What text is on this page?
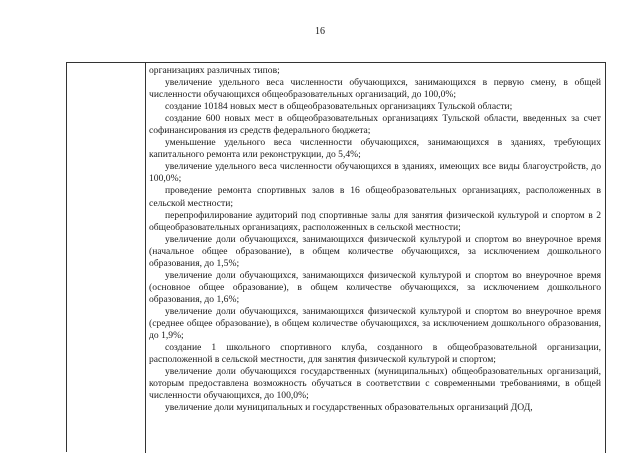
16

организациях различных типов;

увеличение удельного веса численности обучающихся, занимающихся в первую смену, в общей численности обучающихся общеобразовательных организаций, до 100,0%;

создание 10184 новых мест в общеобразовательных организациях Тульской области;

создание 600 новых мест в общеобразовательных организациях Тульской области, введенных за счет софинансирования из средств федерального бюджета;

уменьшение удельного веса численности обучающихся, занимающихся в зданиях, требующих капитального ремонта или реконструкции, до 5,4%;

увеличение удельного веса численности обучающихся в зданиях, имеющих все виды благоустройств, до 100,0%;

проведение ремонта спортивных залов в 16 общеобразовательных организациях, расположенных в сельской местности;

перепрофилирование аудиторий под спортивные залы для занятия физической культурой и спортом в 2 общеобразовательных организациях, расположенных в сельской местности;

увеличение доли обучающихся, занимающихся физической культурой и спортом во внеурочное время (начальное общее образование), в общем количестве обучающихся, за исключением дошкольного образования, до 1,5%;

увеличение доли обучающихся, занимающихся физической культурой и спортом во внеурочное время (основное общее образование), в общем количестве обучающихся, за исключением дошкольного образования, до 1,6%;

увеличение доли обучающихся, занимающихся физической культурой и спортом во внеурочное время (среднее общее образование), в общем количестве обучающихся, за исключением дошкольного образования, до 1,9%;

создание 1 школьного спортивного клуба, созданного в общеобразовательной организации, расположенной в сельской местности, для занятия физической культурой и спортом;

увеличение доли обучающихся государственных (муниципальных) общеобразовательных организаций, которым предоставлена возможность обучаться в соответствии с современными требованиями, в общей численности обучающихся, до 100,0%;

увеличение доли муниципальных и государственных образовательных организаций ДОД,
